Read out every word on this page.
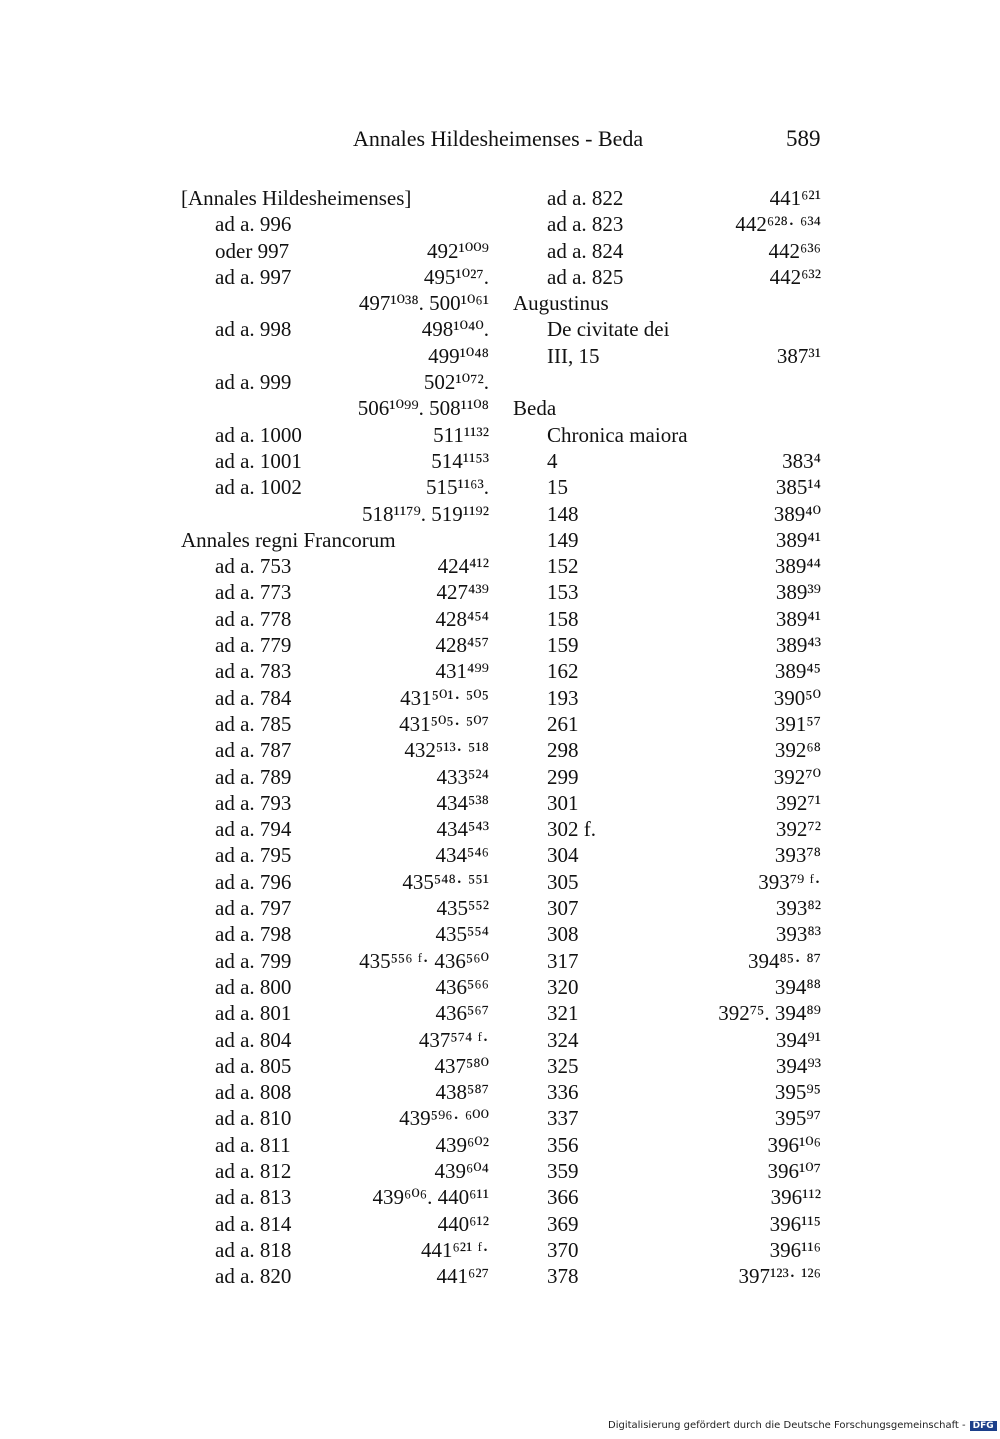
Annales Hildesheimenses - Beda	589
[Annales Hildesheimenses]
ad a. 996
oder 997	492¹⁰⁰⁹
ad a. 997	495¹⁰²⁷.
497¹⁰³⁸. 500¹⁰⁶¹
ad a. 998	498¹⁰⁴⁰.
499¹⁰⁴⁸
ad a. 999	502¹⁰⁷².
506¹⁰⁹⁹. 508¹¹⁰⁸
ad a. 1000	511¹¹³²
ad a. 1001	514¹¹⁵³
ad a. 1002	515¹¹⁶³.
518¹¹⁷⁹. 519¹¹⁹²
Annales regni Francorum
ad a. 753	424⁴¹²
ad a. 773	427⁴³⁹
ad a. 778	428⁴⁵⁴
ad a. 779	428⁴⁵⁷
ad a. 783	431⁴⁹⁹
ad a. 784	431⁵⁰¹· ⁵⁰⁵
ad a. 785	431⁵⁰⁵· ⁵⁰⁷
ad a. 787	432⁵¹³· ⁵¹⁸
ad a. 789	433⁵²⁴
ad a. 793	434⁵³⁸
ad a. 794	434⁵⁴³
ad a. 795	434⁵⁴⁶
ad a. 796	435⁵⁴⁸· ⁵⁵¹
ad a. 797	435⁵⁵²
ad a. 798	435⁵⁵⁴
ad a. 799	435⁵⁵⁶ ᶠ· 436⁵⁶⁰
ad a. 800	436⁵⁶⁶
ad a. 801	436⁵⁶⁷
ad a. 804	437⁵⁷⁴ ᶠ·
ad a. 805	437⁵⁸⁰
ad a. 808	438⁵⁸⁷
ad a. 810	439⁵⁹⁶· ⁶⁰⁰
ad a. 811	439⁶⁰²
ad a. 812	439⁶⁰⁴
ad a. 813	439⁶⁰⁶. 440⁶¹¹
ad a. 814	440⁶¹²
ad a. 818	441⁶²¹ ᶠ·
ad a. 820	441⁶²⁷
ad a. 822	441⁶²¹
ad a. 823	442⁶²⁸· ⁶³⁴
ad a. 824	442⁶³⁶
ad a. 825	442⁶³²
Augustinus
De civitate dei
III, 15	387³¹
Beda
Chronica maiora
4	383⁴
15	385¹⁴
148	389⁴⁰
149	389⁴¹
152	389⁴⁴
153	389³⁹
158	389⁴¹
159	389⁴³
162	389⁴⁵
193	390⁵⁰
261	391⁵⁷
298	392⁶⁸
299	392⁷⁰
301	392⁷¹
302 f.	392⁷²
304	393⁷⁸
305	393⁷⁹ ᶠ·
307	393⁸²
308	393⁸³
317	394⁸⁵· ⁸⁷
320	394⁸⁸
321	392⁷⁵. 394⁸⁹
324	394⁹¹
325	394⁹³
336	395⁹⁵
337	395⁹⁷
356	396¹⁰⁶
359	396¹⁰⁷
366	396¹¹²
369	396¹¹⁵
370	396¹¹⁶
378	397¹²³· ¹²⁶
Digitalisierung gefördert durch die Deutsche Forschungsgemeinschaft - DFG
